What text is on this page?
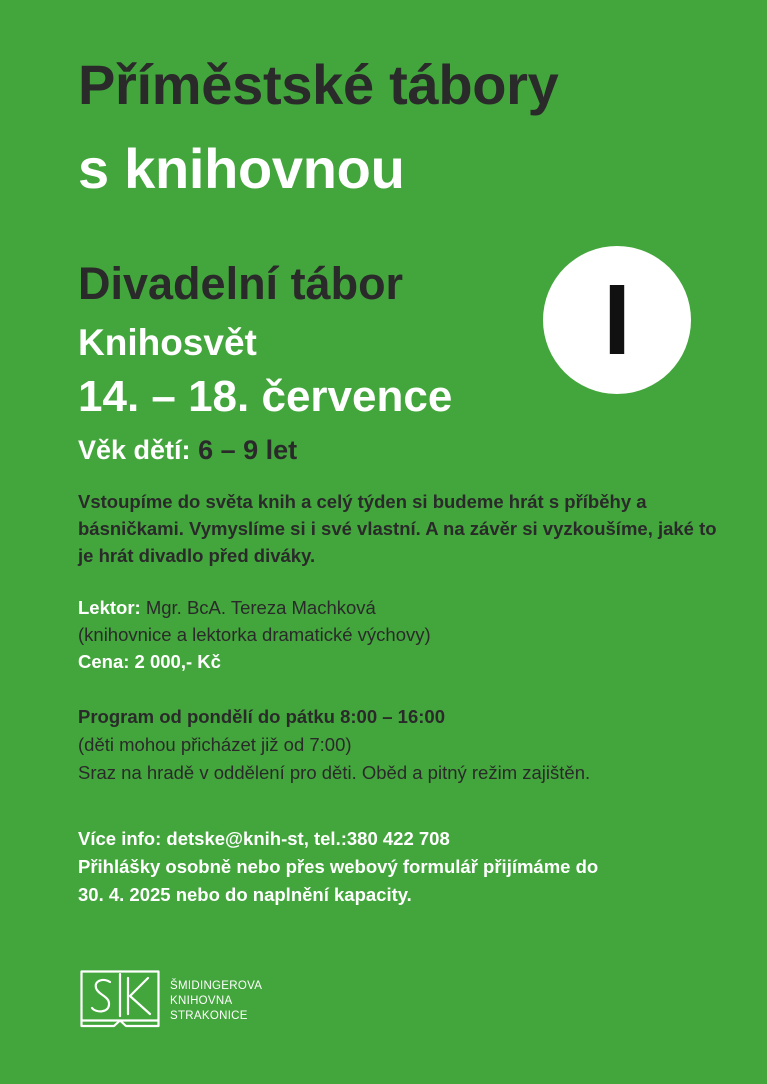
Příměstské tábory
s knihovnou
Divadelní tábor
Knihosvět
14. – 18. července
Věk dětí: 6 – 9 let
I
Vstoupíme do světa knih a celý týden si budeme hrát s příběhy a básničkami. Vymyslíme si i své vlastní. A na závěr si vyzkoušíme, jaké to je hrát divadlo před diváky.
Lektor: Mgr. BcA. Tereza Machková
(knihovnice a lektorka dramatické výchovy)
Cena: 2 000,- Kč
Program od pondělí do pátku 8:00 – 16:00
(děti mohou přicházet již od 7:00)
Sraz na hradě v oddělení pro děti. Oběd a pitný režim zajištěn.
Více info: detske@knih-st, tel.:380 422 708
Přihlášky osobně nebo přes webový formulář přijímáme do
30. 4. 2025 nebo do naplnění kapacity.
ŠMIDINGEROVA
KNIHOVNA
STRAKONICE
